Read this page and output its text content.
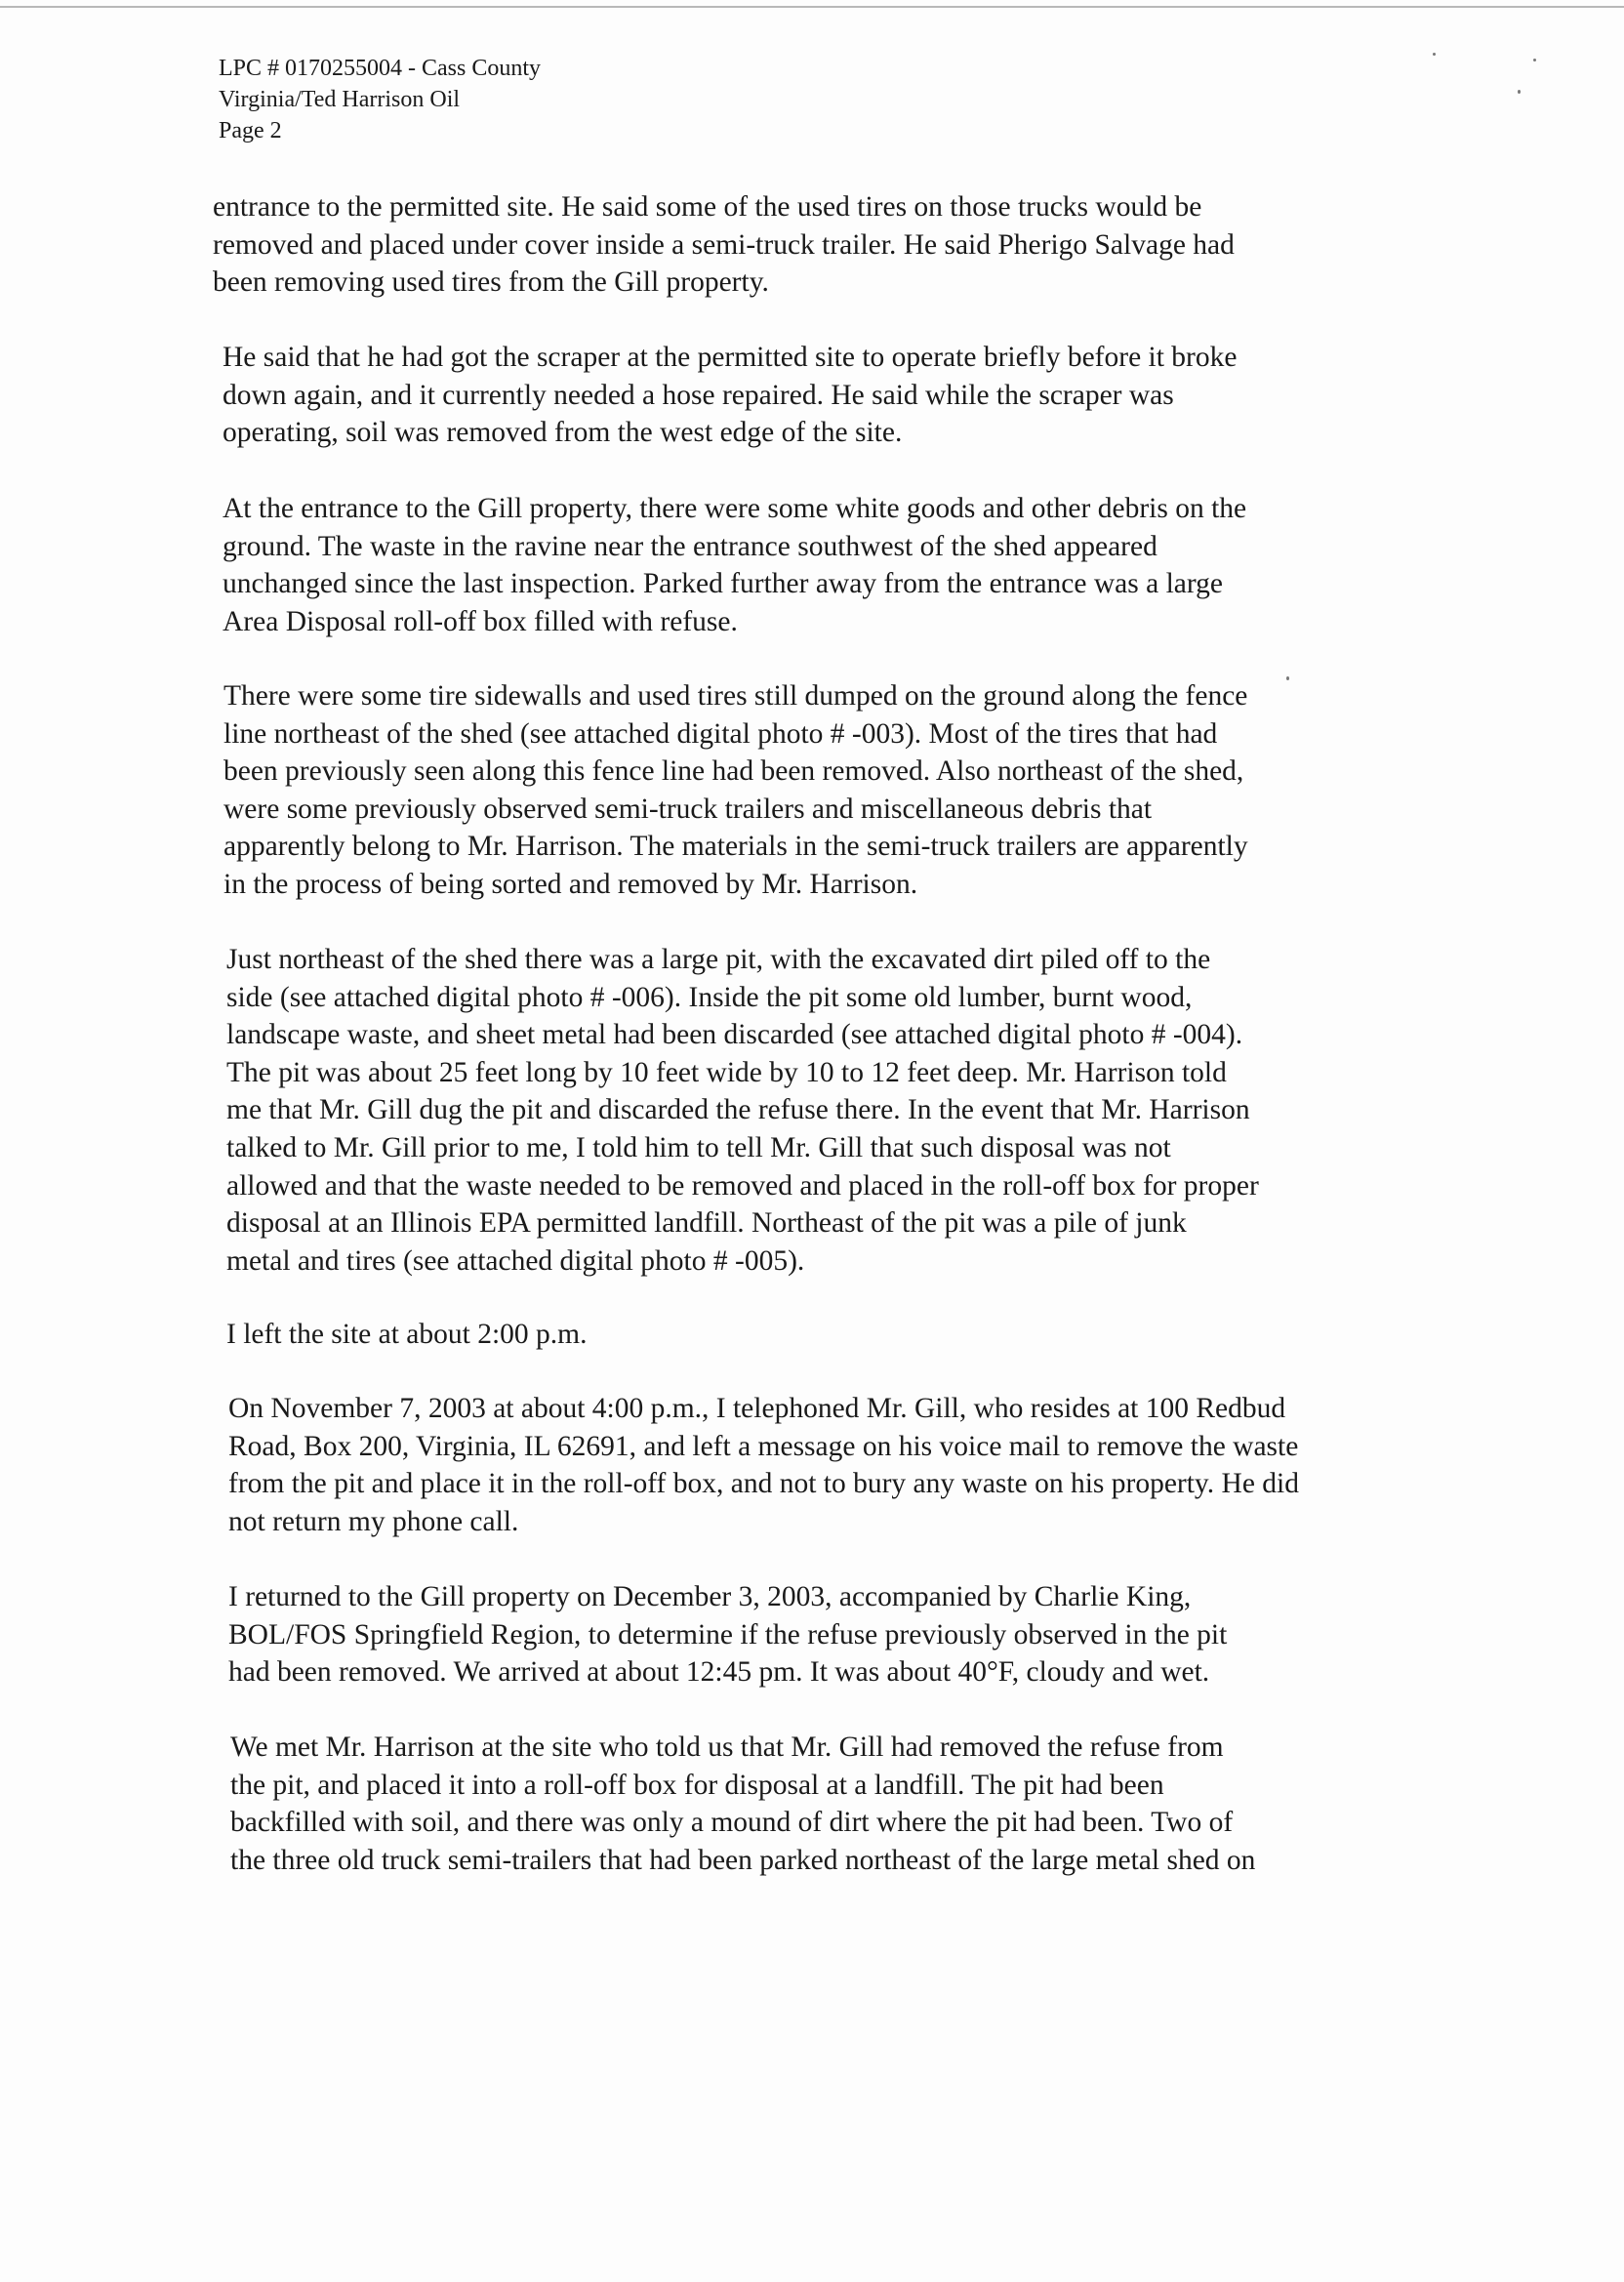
LPC # 0170255004 - Cass County
Virginia/Ted Harrison Oil
Page 2
entrance to the permitted site. He said some of the used tires on those trucks would be
removed and placed under cover inside a semi-truck trailer. He said Pherigo Salvage had
been removing used tires from the Gill property.
He said that he had got the scraper at the permitted site to operate briefly before it broke
down again, and it currently needed a hose repaired. He said while the scraper was
operating, soil was removed from the west edge of the site.
At the entrance to the Gill property, there were some white goods and other debris on the
ground. The waste in the ravine near the entrance southwest of the shed appeared
unchanged since the last inspection. Parked further away from the entrance was a large
Area Disposal roll-off box filled with refuse.
There were some tire sidewalls and used tires still dumped on the ground along the fence
line northeast of the shed (see attached digital photo # -003). Most of the tires that had
been previously seen along this fence line had been removed. Also northeast of the shed,
were some previously observed semi-truck trailers and miscellaneous debris that
apparently belong to Mr. Harrison. The materials in the semi-truck trailers are apparently
in the process of being sorted and removed by Mr. Harrison.
Just northeast of the shed there was a large pit, with the excavated dirt piled off to the
side (see attached digital photo # -006). Inside the pit some old lumber, burnt wood,
landscape waste, and sheet metal had been discarded (see attached digital photo # -004).
The pit was about 25 feet long by 10 feet wide by 10 to 12 feet deep. Mr. Harrison told
me that Mr. Gill dug the pit and discarded the refuse there. In the event that Mr. Harrison
talked to Mr. Gill prior to me, I told him to tell Mr. Gill that such disposal was not
allowed and that the waste needed to be removed and placed in the roll-off box for proper
disposal at an Illinois EPA permitted landfill. Northeast of the pit was a pile of junk
metal and tires (see attached digital photo # -005).
I left the site at about 2:00 p.m.
On November 7, 2003 at about 4:00 p.m., I telephoned Mr. Gill, who resides at 100 Redbud
Road, Box 200, Virginia, IL 62691, and left a message on his voice mail to remove the waste
from the pit and place it in the roll-off box, and not to bury any waste on his property. He did
not return my phone call.
I returned to the Gill property on December 3, 2003, accompanied by Charlie King,
BOL/FOS Springfield Region, to determine if the refuse previously observed in the pit
had been removed. We arrived at about 12:45 pm. It was about 40°F, cloudy and wet.
We met Mr. Harrison at the site who told us that Mr. Gill had removed the refuse from
the pit, and placed it into a roll-off box for disposal at a landfill. The pit had been
backfilled with soil, and there was only a mound of dirt where the pit had been. Two of
the three old truck semi-trailers that had been parked northeast of the large metal shed on
